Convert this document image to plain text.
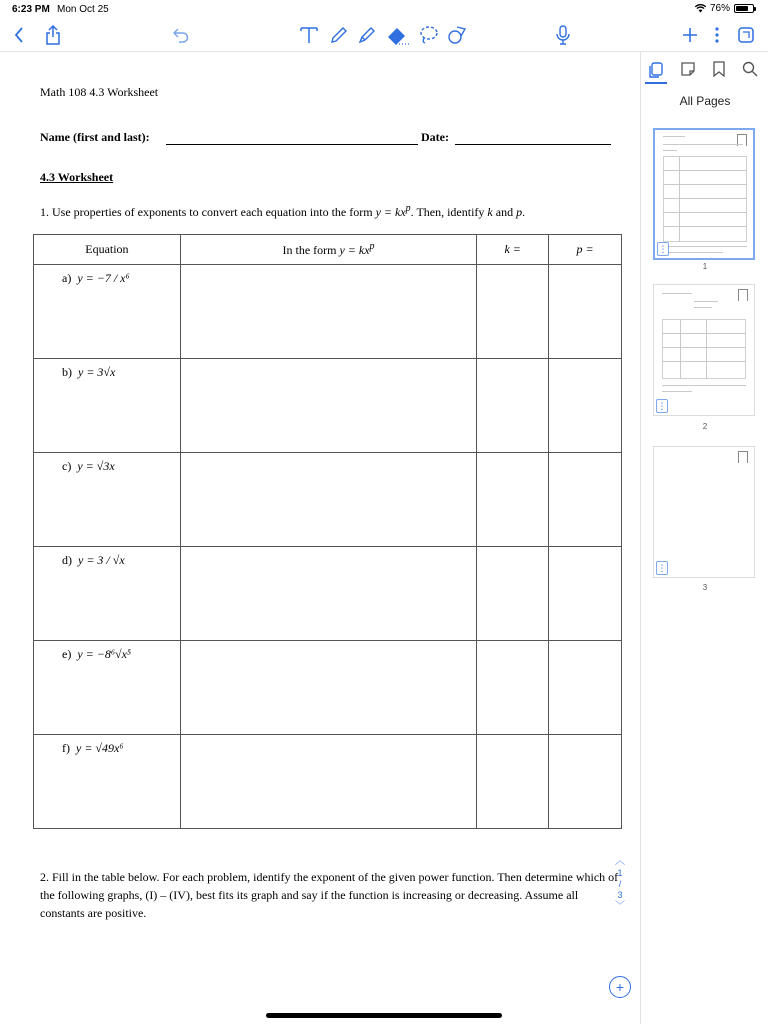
6:23 PM Mon Oct 25	76%
Math 108 4.3 Worksheet
Name (first and last):	Date:
4.3 Worksheet
1. Use properties of exponents to convert each equation into the form $y = kx^p$. Then, identify k and p.
Equation	In the form $y = kx^p$	k =	p =
a) y = −7 / x⁶			
b) y = 3√x			
c) y = √3x			
d) y = 3 / √x			
e) y = −8⁶√x⁵			
f) y = √49x⁶			
2. Fill in the table below. For each problem, identify the exponent of the given power function. Then determine which of the following graphs, (I) – (IV), best fits its graph and say if the function is increasing or decreasing. Assume all constants are positive.
︿
1
/
3
﹀
+
All Pages
⋮
1
⋮
2
⋮
3
